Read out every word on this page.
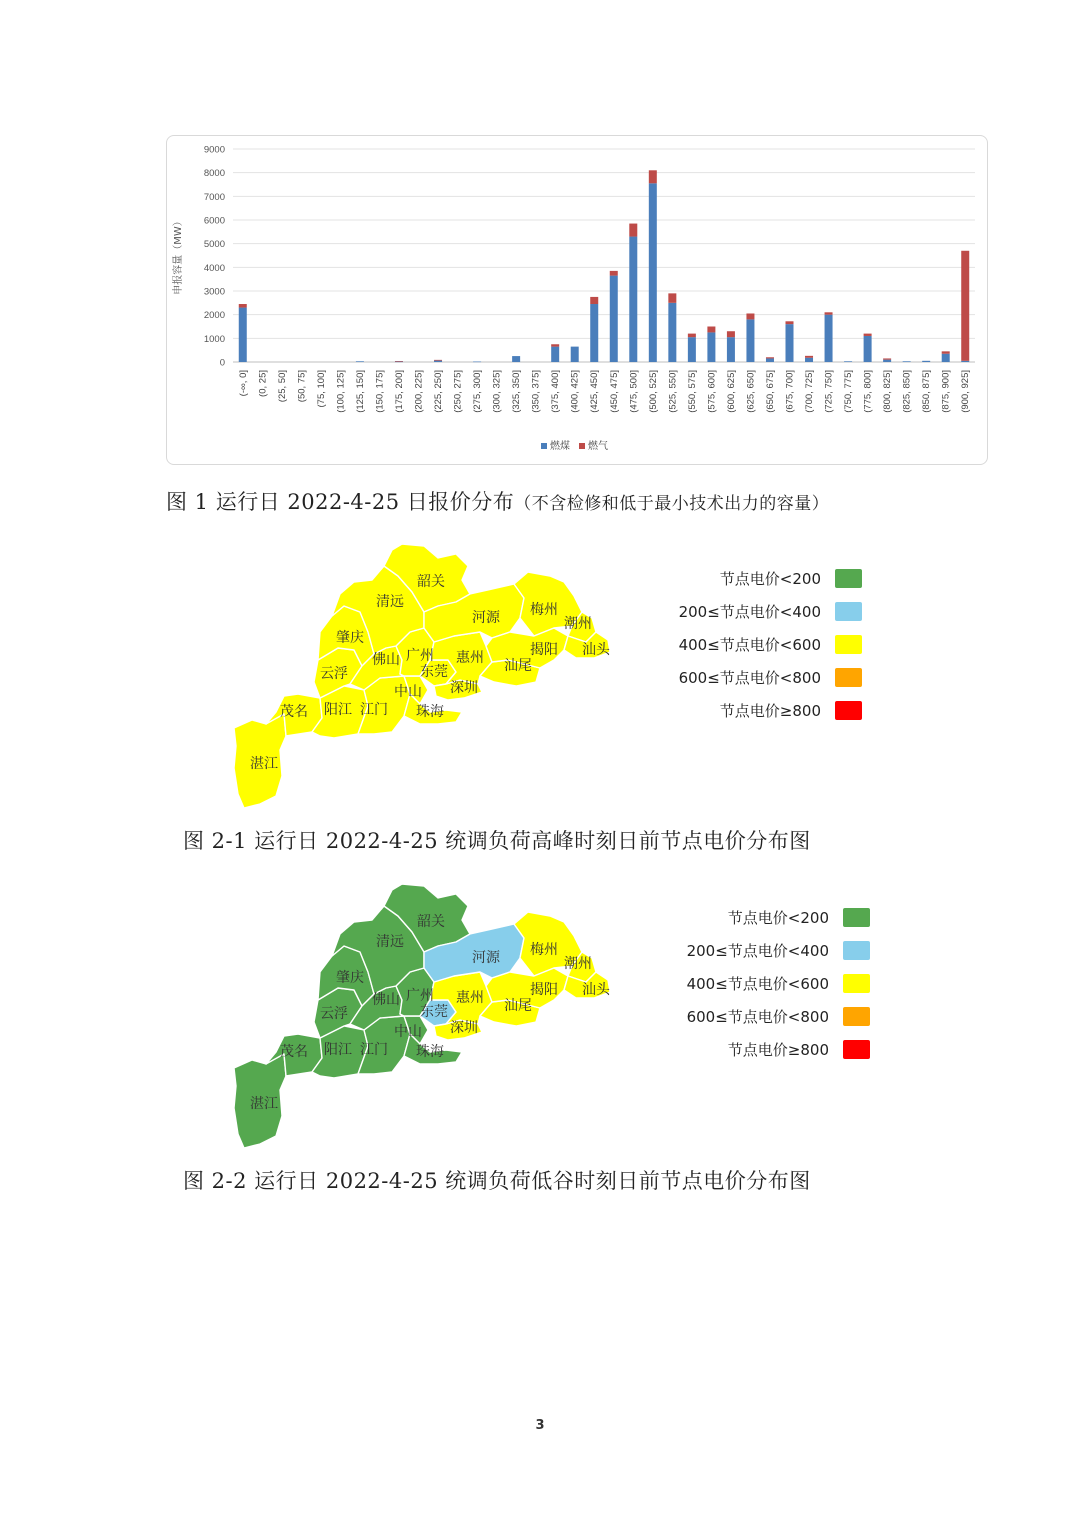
0
1000
2000
3000
4000
5000
6000
7000
8000
9000
申报容量（MW）
(-∞, 0] (0, 25] (25, 50] (50, 75] (75, 100] (100, 125] (125, 150] (150, 175] (175, 200] (200, 225] (225, 250] (250, 275] (275, 300] (300, 325] (325, 350] (350, 375] (375, 400] (400, 425] (425, 450] (450, 475] (475, 500] (500, 525] (525, 550] (550, 575] (575, 600] (600, 625] (625, 650] (650, 675] (675, 700] (700, 725] (725, 750] (750, 775] (775, 800] (800, 825] (825, 850] (850, 875] (875, 900] (900, 925]
燃煤 燃气
图 1 运行日 2022-4-25 日报价分布（不含检修和低于最小技术出力的容量）
韶关
清远
河源 梅州
潮州
肇庆
广州
佛山	惠州	揭阳 汕头
云浮	东莞	汕尾
深圳
中山
茂名 阳江 江门 珠海
湛江
节点电价<200
200≤节点电价<400
400≤节点电价<600
600≤节点电价<800
节点电价≥800
图 2-1 运行日 2022-4-25 统调负荷高峰时刻日前节点电价分布图
韶关
清远
河源 梅州
潮州
肇庆
广州
佛山	惠州	揭阳 汕头
云浮	东莞	汕尾
深圳
中山
茂名 阳江 江门 珠海
湛江
节点电价<200
200≤节点电价<400
400≤节点电价<600
600≤节点电价<800
节点电价≥800
图 2-2 运行日 2022-4-25 统调负荷低谷时刻日前节点电价分布图
3
